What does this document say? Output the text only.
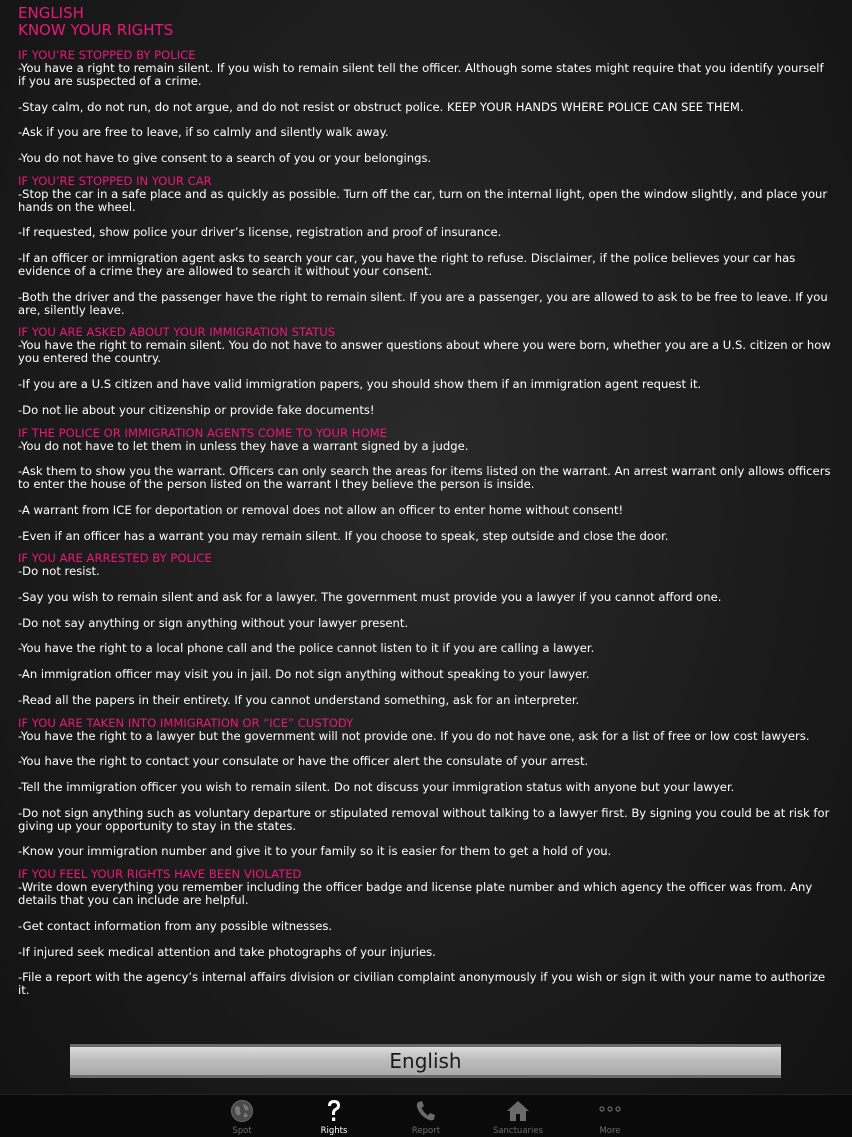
ENGLISH
KNOW YOUR RIGHTS
IF YOU’RE STOPPED BY POLICE
-You have a right to remain silent. If you wish to remain silent tell the officer. Although some states might require that you identify yourself if you are suspected of a crime.
-Stay calm, do not run, do not argue, and do not resist or obstruct police. KEEP YOUR HANDS WHERE POLICE CAN SEE THEM.
-Ask if you are free to leave, if so calmly and silently walk away.
-You do not have to give consent to a search of you or your belongings.
IF YOU’RE STOPPED IN YOUR CAR
-Stop the car in a safe place and as quickly as possible. Turn off the car, turn on the internal light, open the window slightly, and place your hands on the wheel.
-If requested, show police your driver’s license, registration and proof of insurance.
-If an officer or immigration agent asks to search your car, you have the right to refuse. Disclaimer, if the police believes your car has evidence of a crime they are allowed to search it without your consent.
-Both the driver and the passenger have the right to remain silent. If you are a passenger, you are allowed to ask to be free to leave. If you are, silently leave.
IF YOU ARE ASKED ABOUT YOUR IMMIGRATION STATUS
-You have the right to remain silent. You do not have to answer questions about where you were born, whether you are a U.S. citizen or how you entered the country.
-If you are a U.S citizen and have valid immigration papers, you should show them if an immigration agent request it.
-Do not lie about your citizenship or provide fake documents!
IF THE POLICE OR IMMIGRATION AGENTS COME TO YOUR HOME
-You do not have to let them in unless they have a warrant signed by a judge.
-Ask them to show you the warrant. Officers can only search the areas for items listed on the warrant. An arrest warrant only allows officers to enter the house of the person listed on the warrant I they believe the person is inside.
-A warrant from ICE for deportation or removal does not allow an officer to enter home without consent!
-Even if an officer has a warrant you may remain silent. If you choose to speak, step outside and close the door.
IF YOU ARE ARRESTED BY POLICE
-Do not resist.
-Say you wish to remain silent and ask for a lawyer. The government must provide you a lawyer if you cannot afford one.
-Do not say anything or sign anything without your lawyer present.
-You have the right to a local phone call and the police cannot listen to it if you are calling a lawyer.
-An immigration officer may visit you in jail. Do not sign anything without speaking to your lawyer.
-Read all the papers in their entirety. If you cannot understand something, ask for an interpreter.
IF YOU ARE TAKEN INTO IMMIGRATION OR “ICE” CUSTODY
-You have the right to a lawyer but the government will not provide one. If you do not have one, ask for a list of free or low cost lawyers.
-You have the right to contact your consulate or have the officer alert the consulate of your arrest.
-Tell the immigration officer you wish to remain silent. Do not discuss your immigration status with anyone but your lawyer.
-Do not sign anything such as voluntary departure or stipulated removal without talking to a lawyer first. By signing you could be at risk for giving up your opportunity to stay in the states.
-Know your immigration number and give it to your family so it is easier for them to get a hold of you.
IF YOU FEEL YOUR RIGHTS HAVE BEEN VIOLATED
-Write down everything you remember including the officer badge and license plate number and which agency the officer was from. Any details that you can include are helpful.
-Get contact information from any possible witnesses.
-If injured seek medical attention and take photographs of your injuries.
-File a report with the agency’s internal affairs division or civilian complaint anonymously if you wish or sign it with your name to authorize it.
English
Spot	Rights	Report	Sanctuaries	More
